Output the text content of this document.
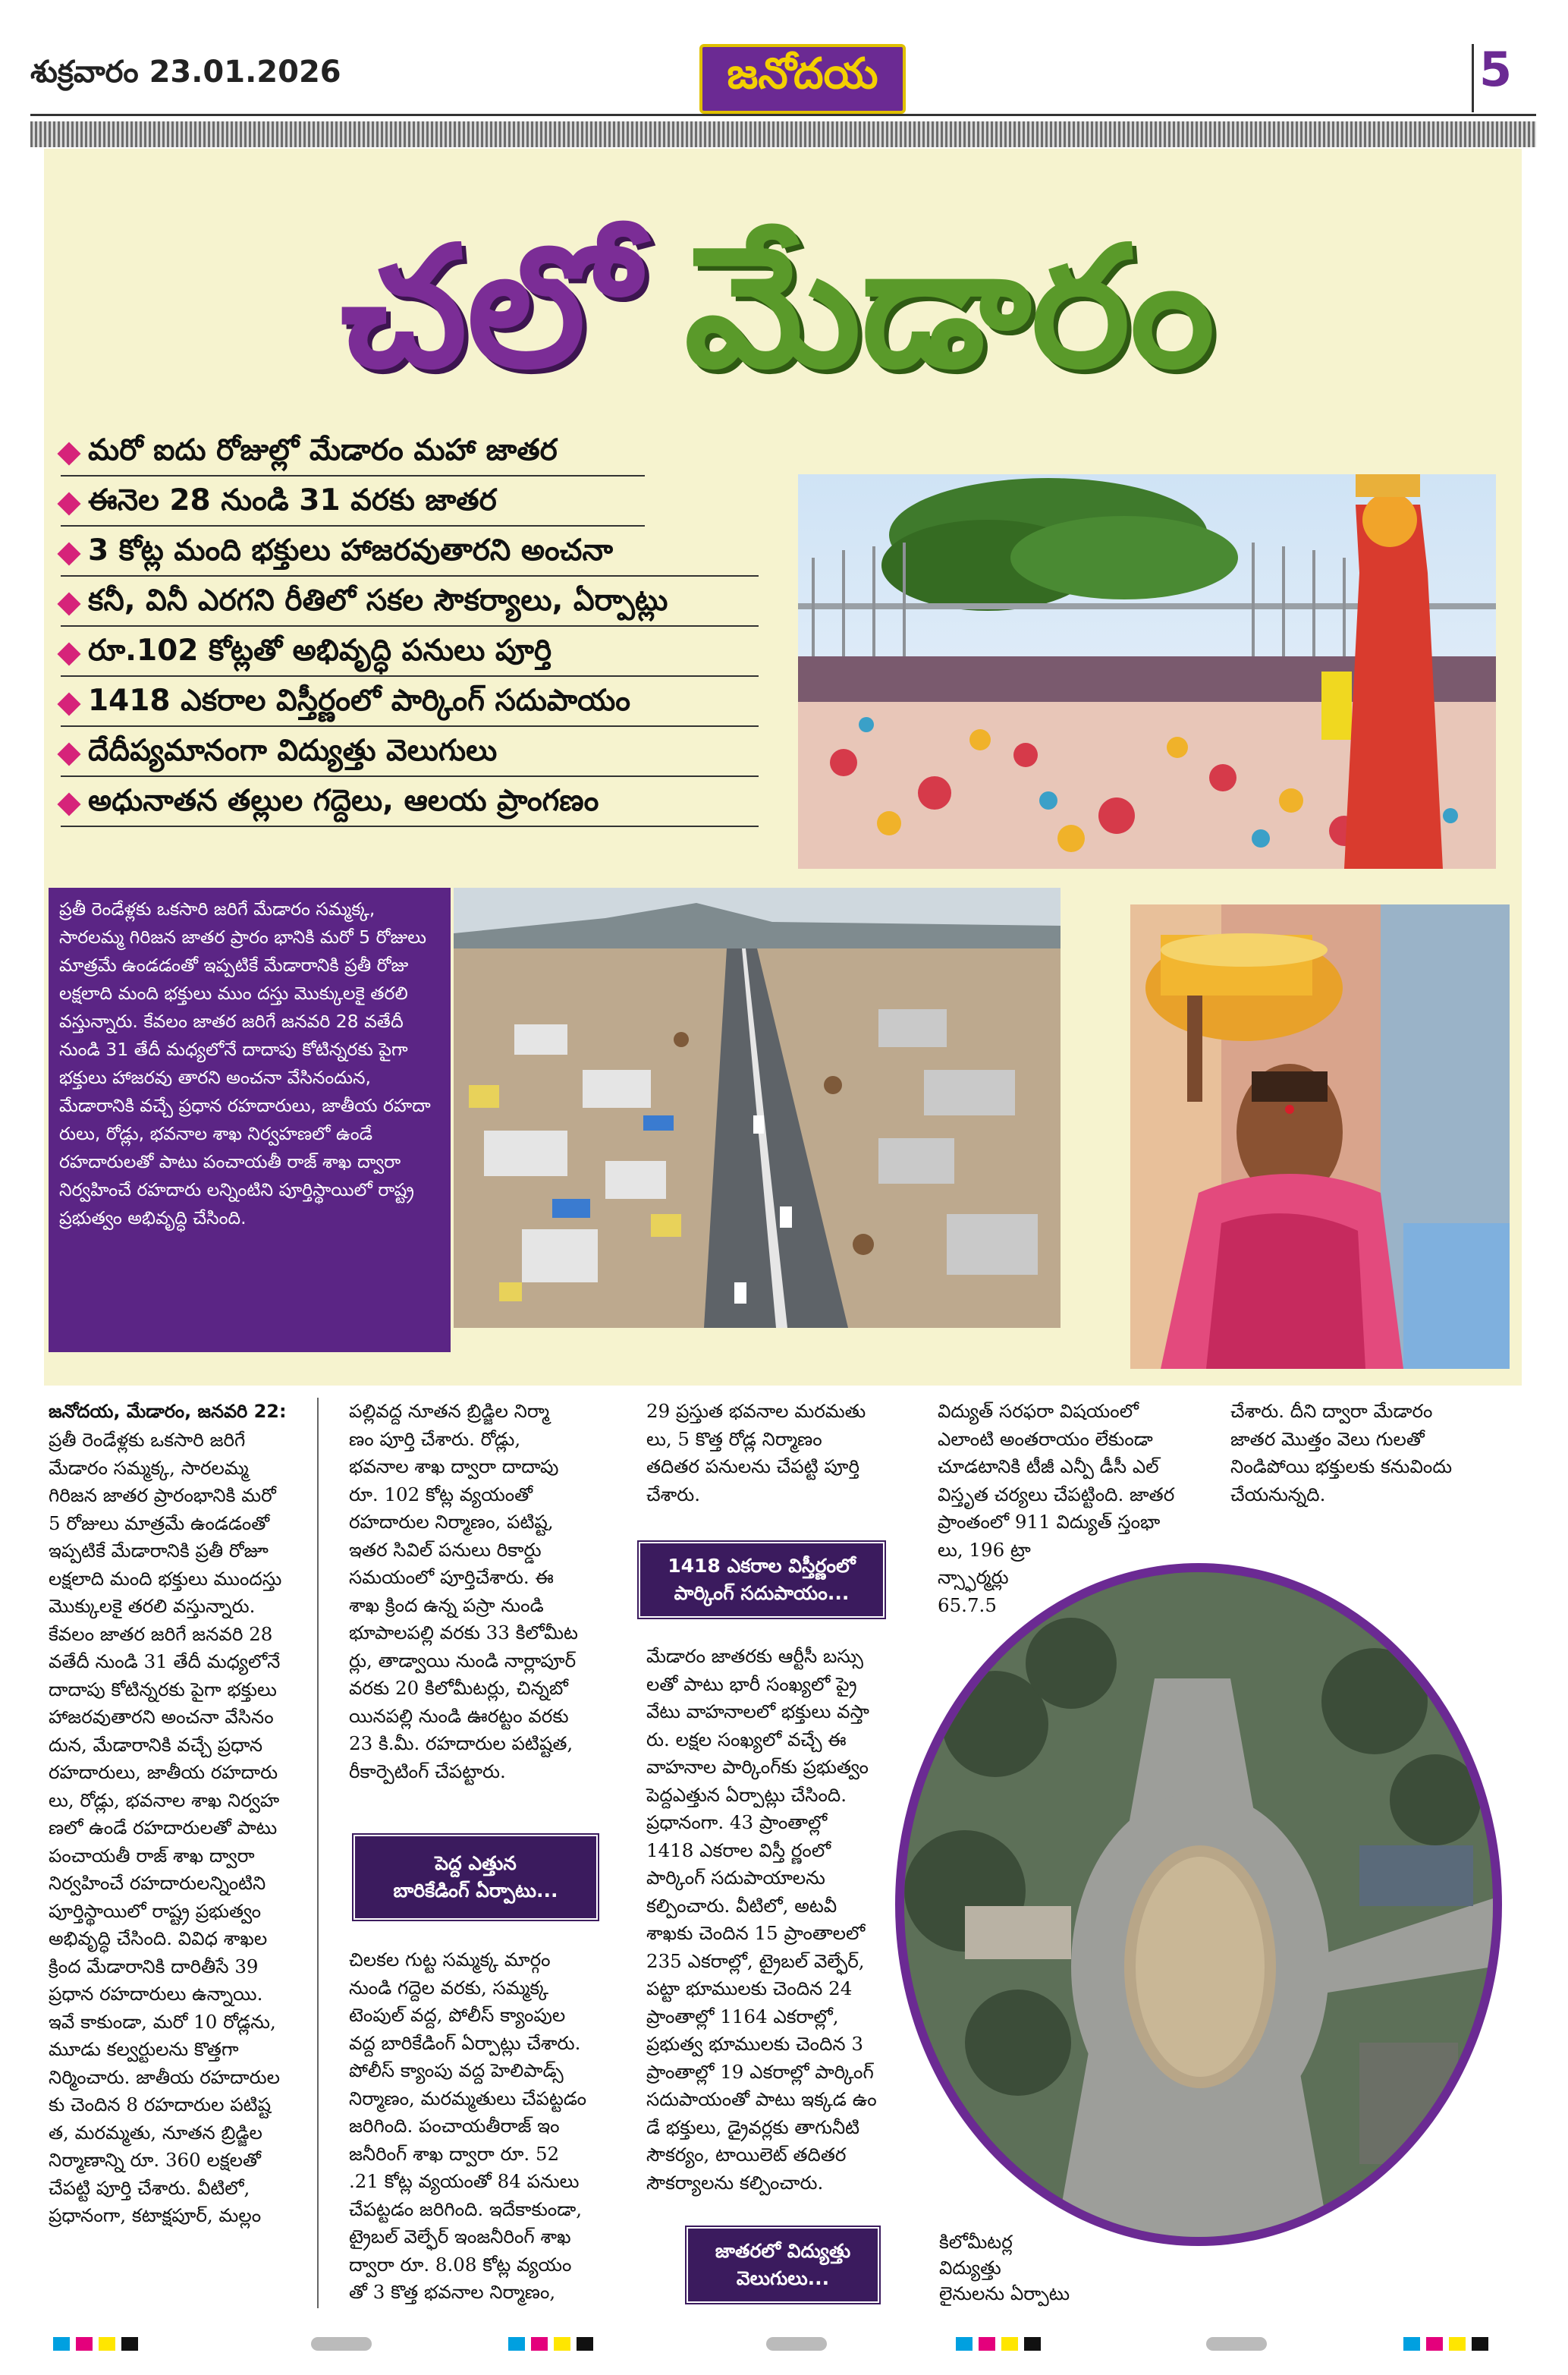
శుక్రవారం 23.01.2026	జనోదయ	5
చలో మేడారం
మరో ఐదు రోజుల్లో మేడారం మహా జాతర
ఈనెల 28 నుండి 31 వరకు జాతర
3 కోట్ల మంది భక్తులు హాజరవుతారని అంచనా
కనీ, వినీ ఎరగని రీతిలో సకల సౌకర్యాలు, ఏర్పాట్లు
రూ.102 కోట్లతో అభివృద్ధి పనులు పూర్తి
1418 ఎకరాల విస్తీర్ణంలో పార్కింగ్ సదుపాయం
దేదీప్యమానంగా విద్యుత్తు వెలుగులు
అధునాతన తల్లుల గద్దెలు, ఆలయ ప్రాంగణం
ప్రతీ రెండేళ్లకు ఒకసారి జరిగే మేడారం సమ్మక్క, సారలమ్మ గిరిజన జాతర ప్రారం భానికి మరో 5 రోజులు మాత్రమే ఉండడంతో ఇప్పటికే మేడారానికి ప్రతీ రోజు లక్షలాది మంది భక్తులు ముం దస్తు మొక్కులకై తరలి వస్తున్నారు. కేవలం జాతర జరిగే జనవరి 28 వతేదీ నుండి 31 తేదీ మధ్యలోనే దాదాపు కోటిన్నరకు పైగా భక్తులు హాజరవు తారని అంచనా వేసినందున, మేడారానికి వచ్చే ప్రధాన రహదారులు, జాతీయ రహదా రులు, రోడ్లు, భవనాల శాఖ నిర్వహణలో ఉండే రహదారులతో పాటు పంచాయతీ రాజ్ శాఖ ద్వారా నిర్వహించే రహదారు లన్నింటిని పూర్తిస్థాయిలో రాష్ట్ర ప్రభుత్వం అభివృద్ధి చేసింది.
జనోదయ, మేడారం, జనవరి 22:
ప్రతీ రెండేళ్లకు ఒకసారి జరిగే
మేడారం సమ్మక్క, సారలమ్మ
గిరిజన జాతర ప్రారంభానికి మరో
5 రోజులు మాత్రమే ఉండడంతో
ఇప్పటికే మేడారానికి ప్రతీ రోజూ
లక్షలాది మంది భక్తులు ముందస్తు
మొక్కులకై తరలి వస్తున్నారు.
కేవలం జాతర జరిగే జనవరి 28
వతేదీ నుండి 31 తేదీ మధ్యలోనే
దాదాపు కోటిన్నరకు పైగా భక్తులు
హాజరవుతారని అంచనా వేసినం
దున, మేడారానికి వచ్చే ప్రధాన
రహదారులు, జాతీయ రహదారు
లు, రోడ్లు, భవనాల శాఖ నిర్వహ
ణలో ఉండే రహదారులతో పాటు
పంచాయతీ రాజ్ శాఖ ద్వారా
నిర్వహించే రహదారులన్నింటిని
పూర్తిస్థాయిలో రాష్ట్ర ప్రభుత్వం
అభివృద్ధి చేసింది. వివిధ శాఖల
క్రింద మేడారానికి దారితీసే 39
ప్రధాన రహదారులు ఉన్నాయి.
ఇవే కాకుండా, మరో 10 రోడ్లను,
మూడు కల్వర్టులను కొత్తగా
నిర్మించారు. జాతీయ రహదారుల
కు చెందిన 8 రహదారుల పటిష్ట
త, మరమ్మతు, నూతన బ్రిడ్జిల
నిర్మాణాన్ని రూ. 360 లక్షలతో
చేపట్టి పూర్తి చేశారు. వీటిలో,
ప్రధానంగా, కటాక్షపూర్, మల్లం
పల్లివద్ద నూతన బ్రిడ్జిల నిర్మా
ణం పూర్తి చేశారు. రోడ్లు,
భవనాల శాఖ ద్వారా దాదాపు
రూ. 102 కోట్ల వ్యయంతో
రహదారుల నిర్మాణం, పటిష్ట,
ఇతర సివిల్ పనులు రికార్డు
సమయంలో పూర్తిచేశారు. ఈ
శాఖ క్రింద ఉన్న పస్రా నుండి
భూపాలపల్లి వరకు 33 కిలోమీట
ర్లు, తాడ్వాయి నుండి నార్లాపూర్
వరకు 20 కిలోమీటర్లు, చిన్నబో
యినపల్లి నుండి ఊరట్టం వరకు
23 కి.మీ. రహదారుల పటిష్టత,
రీకార్పెటింగ్ చేపట్టారు.
పెద్ద ఎత్తున
బారికేడింగ్ ఏర్పాటు...
చిలకల గుట్ట సమ్మక్క మార్గం
నుండి గద్దెల వరకు, సమ్మక్క
టెంపుల్ వద్ద, పోలీస్ క్యాంపుల
వద్ద బారికేడింగ్ ఏర్పాట్లు చేశారు.
పోలీస్ క్యాంపు వద్ద హెలిపాడ్స్
నిర్మాణం, మరమ్మతులు చేపట్టడం
జరిగింది. పంచాయతీరాజ్ ఇం
జనీరింగ్ శాఖ ద్వారా రూ. 52
.21 కోట్ల వ్యయంతో 84 పనులు
చేపట్టడం జరిగింది. ఇదేకాకుండా,
ట్రైబల్ వెల్ఫేర్ ఇంజనీరింగ్ శాఖ
ద్వారా రూ. 8.08 కోట్ల వ్యయం
తో 3 కొత్త భవనాల నిర్మాణం,
29 ప్రస్తుత భవనాల మరమతు
లు, 5 కొత్త రోడ్ల నిర్మాణం
తదితర పనులను చేపట్టి పూర్తి
చేశారు.
1418 ఎకరాల విస్తీర్ణంలో
పార్కింగ్ సదుపాయం...
మేడారం జాతరకు ఆర్టీసీ బస్సు
లతో పాటు భారీ సంఖ్యలో ప్రై
వేటు వాహనాలలో భక్తులు వస్తా
రు. లక్షల సంఖ్యలో వచ్చే ఈ
వాహనాల పార్కింగ్‌కు ప్రభుత్వం
పెద్దఎత్తున ఏర్పాట్లు చేసింది.
ప్రధానంగా. 43 ప్రాంతాల్లో
1418 ఎకరాల విస్తీ ర్ణంలో
పార్కింగ్ సదుపాయాలను
కల్పించారు. వీటిలో, అటవీ
శాఖకు చెందిన 15 ప్రాంతాలలో
235 ఎకరాల్లో, ట్రైబల్ వెల్ఫేర్,
పట్టా భూములకు చెందిన 24
ప్రాంతాల్లో 1164 ఎకరాల్లో,
ప్రభుత్వ భూములకు చెందిన 3
ప్రాంతాల్లో 19 ఎకరాల్లో పార్కింగ్
సదుపాయంతో పాటు ఇక్కడ ఉం
డే భక్తులు, డ్రైవర్లకు తాగునీటి
సౌకర్యం, టాయిలెట్ తదితర
సౌకర్యాలను కల్పించారు.
జాతరలో విద్యుత్తు
వెలుగులు...
విద్యుత్ సరఫరా విషయంలో
ఎలాంటి అంతరాయం లేకుండా
చూడటానికి టీజీ ఎన్పీ డీసీ ఎల్
విస్తృత చర్యలు చేపట్టింది. జాతర
ప్రాంతంలో 911 విద్యుత్ స్తంభా
లు, 196 ట్రా
న్స్ఫార్మర్లు
65.7.5
చేశారు. దీని ద్వారా మేడారం
జాతర మొత్తం వెలు గులతో
నిండిపోయి భక్తులకు కనువిందు
చేయనున్నది.
కిలోమీటర్ల
విద్యుత్తు
లైనులను ఏర్పాటు
